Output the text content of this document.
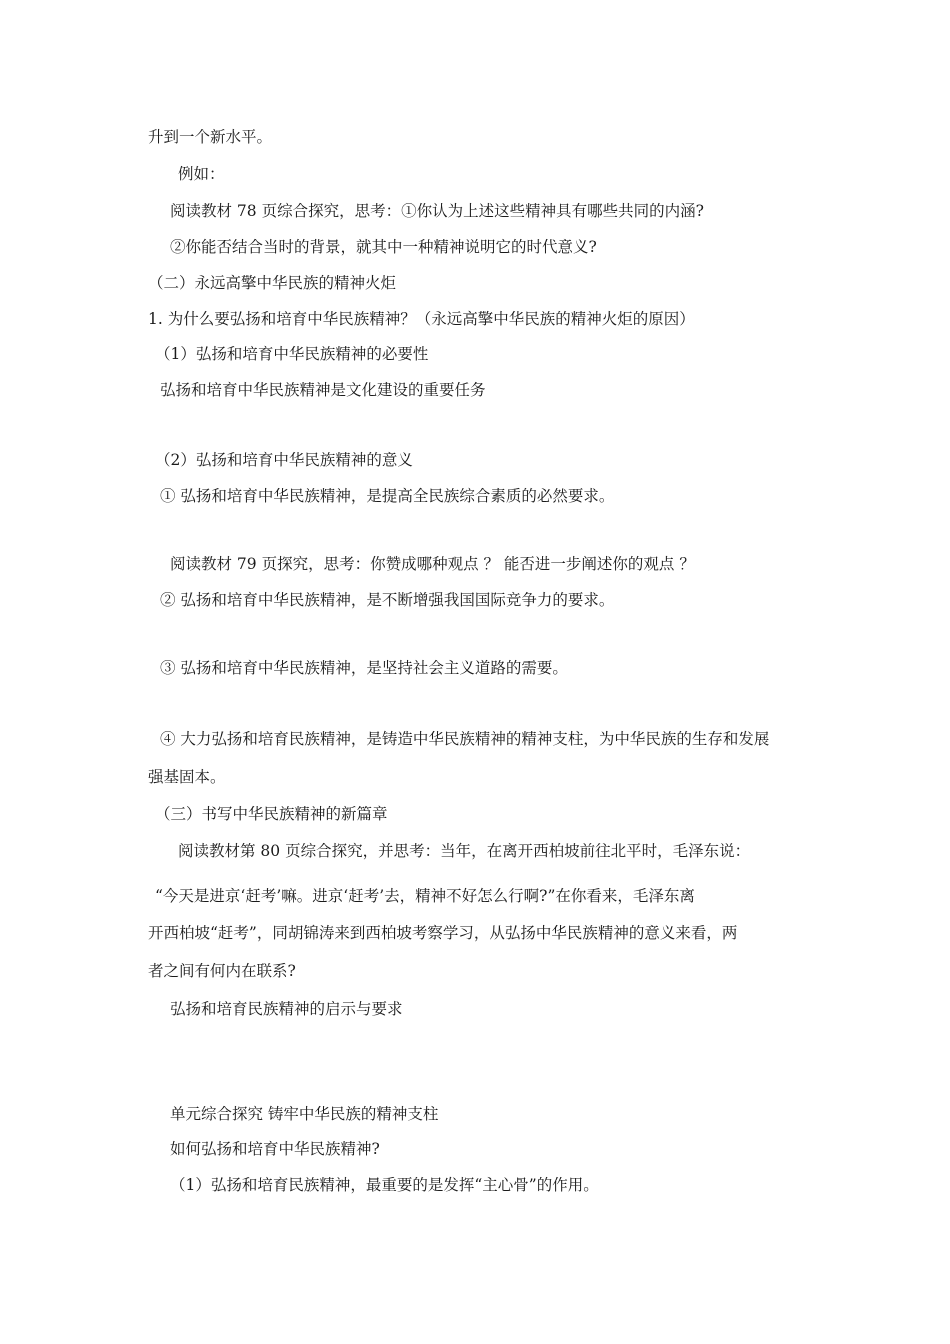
升到一个新水平。
例如：
阅读教材 78 页综合探究，思考：①你认为上述这些精神具有哪些共同的内涵?
②你能否结合当时的背景，就其中一种精神说明它的时代意义?
（二）永远高擎中华民族的精神火炬
1. 为什么要弘扬和培育中华民族精神？（永远高擎中华民族的精神火炬的原因）
（1）弘扬和培育中华民族精神的必要性
弘扬和培育中华民族精神是文化建设的重要任务
（2）弘扬和培育中华民族精神的意义
① 弘扬和培育中华民族精神，是提高全民族综合素质的必然要求。
阅读教材 79 页探究，思考：你赞成哪种观点 ？ 能否进一步阐述你的观点 ？
② 弘扬和培育中华民族精神，是不断增强我国国际竞争力的要求。
③ 弘扬和培育中华民族精神，是坚持社会主义道路的需要。
④ 大力弘扬和培育民族精神，是铸造中华民族精神的精神支柱，为中华民族的生存和发展
强基固本。
（三）书写中华民族精神的新篇章
阅读教材第 80 页综合探究，并思考：当年，在离开西柏坡前往北平时，毛泽东说：
“今天是进京‘赶考’嘛。进京‘赶考’去，精神不好怎么行啊?”在你看来，毛泽东离
开西柏坡“赶考”，同胡锦涛来到西柏坡考察学习，从弘扬中华民族精神的意义来看，两
者之间有何内在联系?
弘扬和培育民族精神的启示与要求
单元综合探究 铸牢中华民族的精神支柱
如何弘扬和培育中华民族精神?
（1）弘扬和培育民族精神，最重要的是发挥“主心骨”的作用。
